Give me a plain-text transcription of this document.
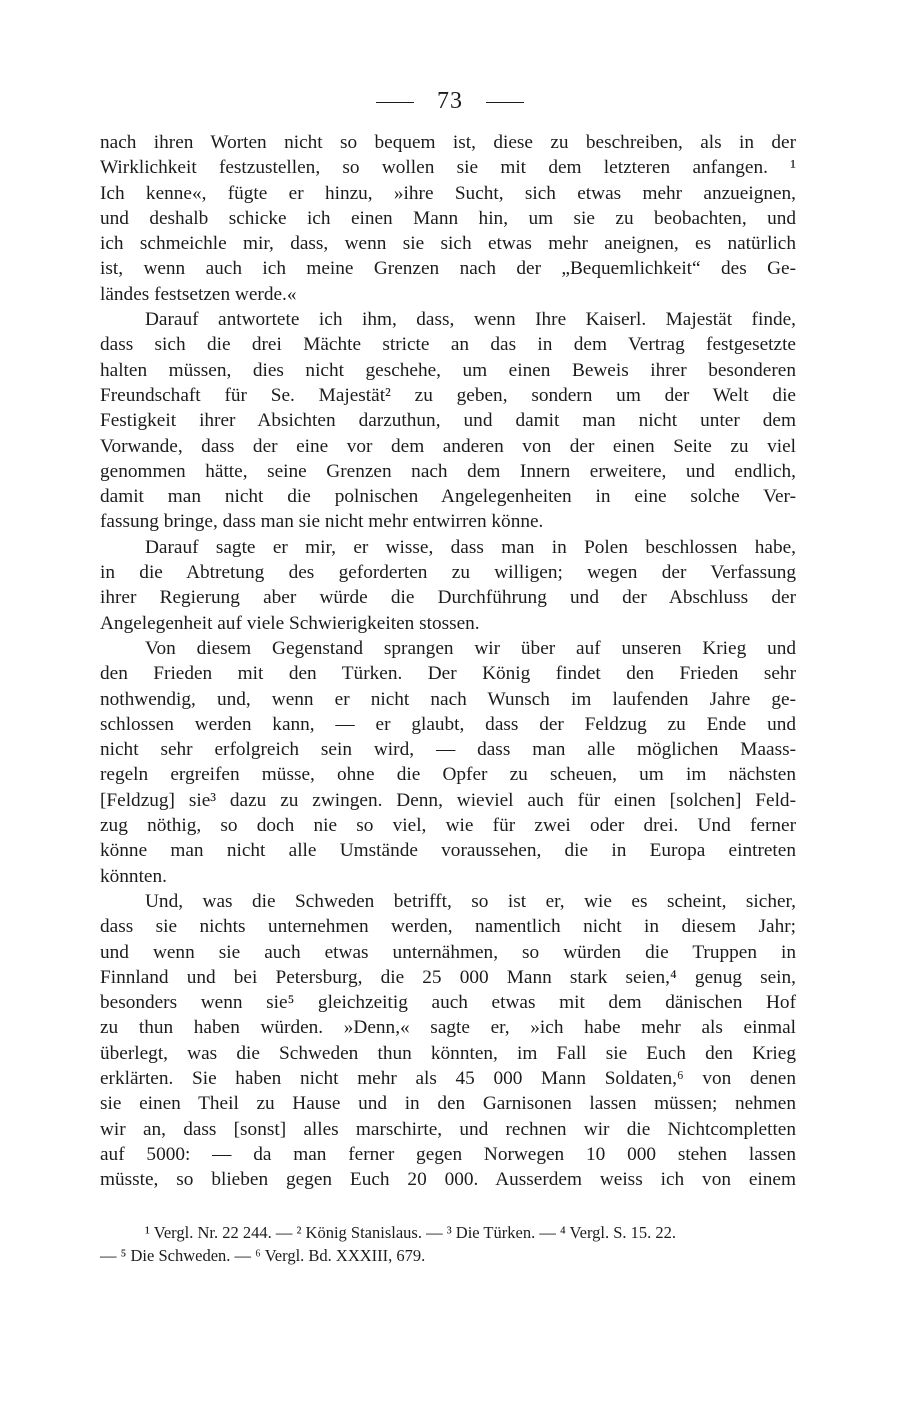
73
nach ihren Worten nicht so bequem ist, diese zu beschreiben, als in der
Wirklichkeit festzustellen, so wollen sie mit dem letzteren anfangen. ¹
Ich kenne«, fügte er hinzu, »ihre Sucht, sich etwas mehr anzueignen,
und deshalb schicke ich einen Mann hin, um sie zu beobachten, und
ich schmeichle mir, dass, wenn sie sich etwas mehr aneignen, es natürlich
ist, wenn auch ich meine Grenzen nach der „Bequemlichkeit“ des Ge-
ländes festsetzen werde.«
Darauf antwortete ich ihm, dass, wenn Ihre Kaiserl. Majestät finde,
dass sich die drei Mächte stricte an das in dem Vertrag festgesetzte
halten müssen, dies nicht geschehe, um einen Beweis ihrer besonderen
Freundschaft für Se. Majestät² zu geben, sondern um der Welt die
Festigkeit ihrer Absichten darzuthun, und damit man nicht unter dem
Vorwande, dass der eine vor dem anderen von der einen Seite zu viel
genommen hätte, seine Grenzen nach dem Innern erweitere, und endlich,
damit man nicht die polnischen Angelegenheiten in eine solche Ver-
fassung bringe, dass man sie nicht mehr entwirren könne.
Darauf sagte er mir, er wisse, dass man in Polen beschlossen habe,
in die Abtretung des geforderten zu willigen; wegen der Verfassung
ihrer Regierung aber würde die Durchführung und der Abschluss der
Angelegenheit auf viele Schwierigkeiten stossen.
Von diesem Gegenstand sprangen wir über auf unseren Krieg und
den Frieden mit den Türken. Der König findet den Frieden sehr
nothwendig, und, wenn er nicht nach Wunsch im laufenden Jahre ge-
schlossen werden kann, — er glaubt, dass der Feldzug zu Ende und
nicht sehr erfolgreich sein wird, — dass man alle möglichen Maass-
regeln ergreifen müsse, ohne die Opfer zu scheuen, um im nächsten
[Feldzug] sie³ dazu zu zwingen. Denn, wieviel auch für einen [solchen] Feld-
zug nöthig, so doch nie so viel, wie für zwei oder drei. Und ferner
könne man nicht alle Umstände voraussehen, die in Europa eintreten
könnten.
Und, was die Schweden betrifft, so ist er, wie es scheint, sicher,
dass sie nichts unternehmen werden, namentlich nicht in diesem Jahr;
und wenn sie auch etwas unternähmen, so würden die Truppen in
Finnland und bei Petersburg, die 25 000 Mann stark seien,⁴ genug sein,
besonders wenn sie⁵ gleichzeitig auch etwas mit dem dänischen Hof
zu thun haben würden. »Denn,« sagte er, »ich habe mehr als einmal
überlegt, was die Schweden thun könnten, im Fall sie Euch den Krieg
erklärten. Sie haben nicht mehr als 45 000 Mann Soldaten,⁶ von denen
sie einen Theil zu Hause und in den Garnisonen lassen müssen; nehmen
wir an, dass [sonst] alles marschirte, und rechnen wir die Nichtcompletten
auf 5000: — da man ferner gegen Norwegen 10 000 stehen lassen
müsste, so blieben gegen Euch 20 000. Ausserdem weiss ich von einem
¹ Vergl. Nr. 22 244. — ² König Stanislaus. — ³ Die Türken. — ⁴ Vergl. S. 15. 22.
— ⁵ Die Schweden. — ⁶ Vergl. Bd. XXXIII, 679.
